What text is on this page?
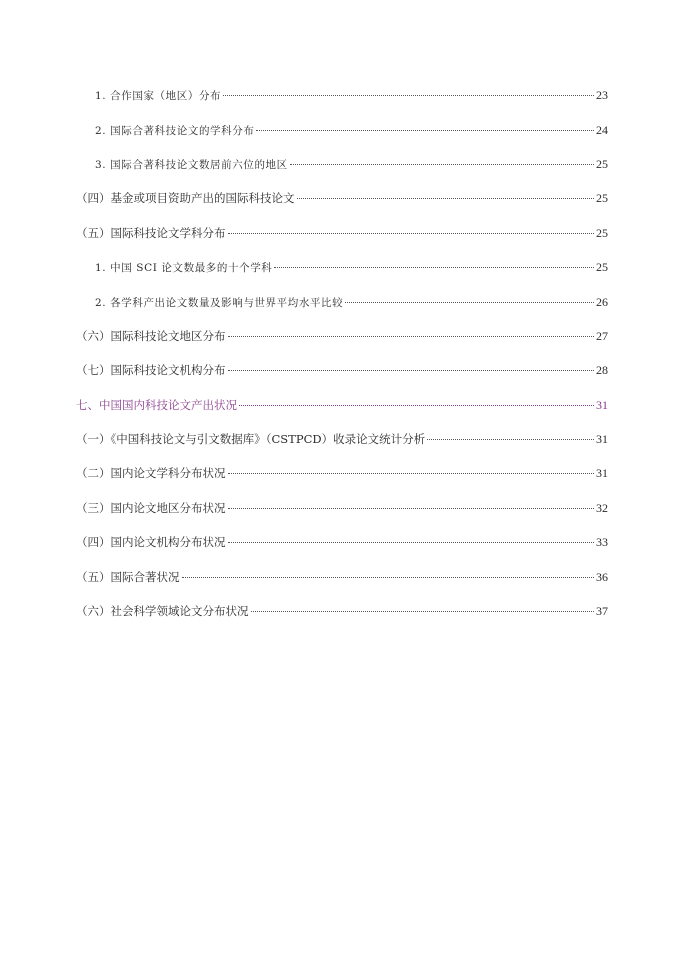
1. 合作国家（地区）分布	23
2. 国际合著科技论文的学科分布	24
3. 国际合著科技论文数居前六位的地区	25
（四）基金或项目资助产出的国际科技论文	25
（五）国际科技论文学科分布	25
1. 中国 SCI 论文数最多的十个学科	25
2. 各学科产出论文数量及影响与世界平均水平比较	26
（六）国际科技论文地区分布	27
（七）国际科技论文机构分布	28
七、中国国内科技论文产出状况	31
（一）《中国科技论文与引文数据库》（CSTPCD）收录论文统计分析	31
（二）国内论文学科分布状况	31
（三）国内论文地区分布状况	32
（四）国内论文机构分布状况	33
（五）国际合著状况	36
（六）社会科学领域论文分布状况	37
